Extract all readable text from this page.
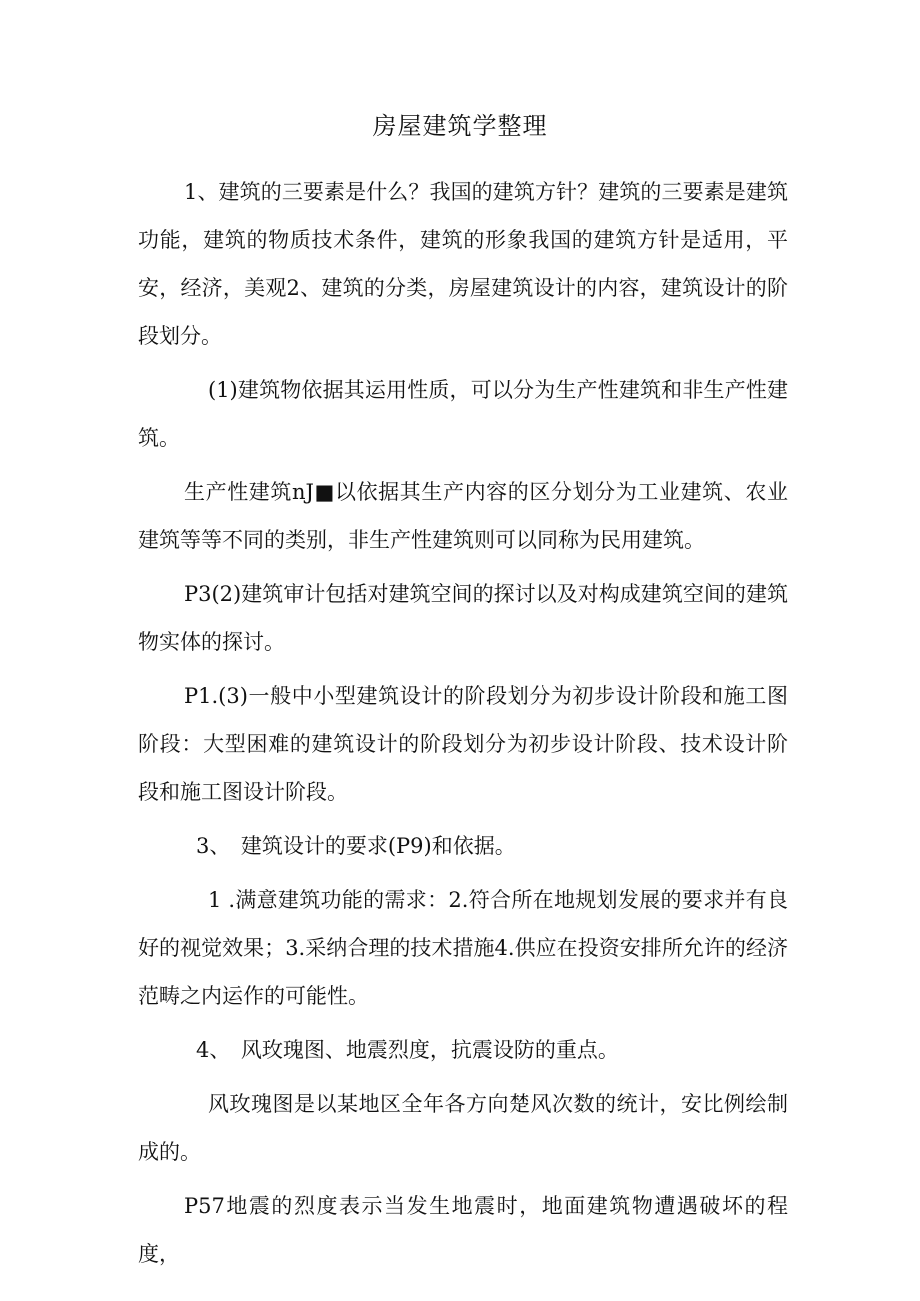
房屋建筑学整理

1、建筑的三要素是什么？我国的建筑方针？建筑的三要素是建筑功能，建筑的物质技术条件，建筑的形象我国的建筑方针是适用，平安，经济，美观2、建筑的分类，房屋建筑设计的内容，建筑设计的阶段划分。

(1)建筑物依据其运用性质，可以分为生产性建筑和非生产性建筑。

生产性建筑nJ■以依据其生产内容的区分划分为工业建筑、农业建筑等等不同的类别，非生产性建筑则可以同称为民用建筑。

P3(2)建筑审计包括对建筑空间的探讨以及对构成建筑空间的建筑物实体的探讨。

P1.(3)一般中小型建筑设计的阶段划分为初步设计阶段和施工图阶段：大型困难的建筑设计的阶段划分为初步设计阶段、技术设计阶段和施工图设计阶段。

3、　建筑设计的要求(P9)和依据。

1 .满意建筑功能的需求：2.符合所在地规划发展的要求并有良好的视觉效果；3.采纳合理的技术措施4.供应在投资安排所允许的经济范畴之内运作的可能性。

4、　风玫瑰图、地震烈度，抗震设防的重点。

风玫瑰图是以某地区全年各方向楚风次数的统计，安比例绘制成的。

P57地震的烈度表示当发生地震时，地面建筑物遭遇破坏的程度，
